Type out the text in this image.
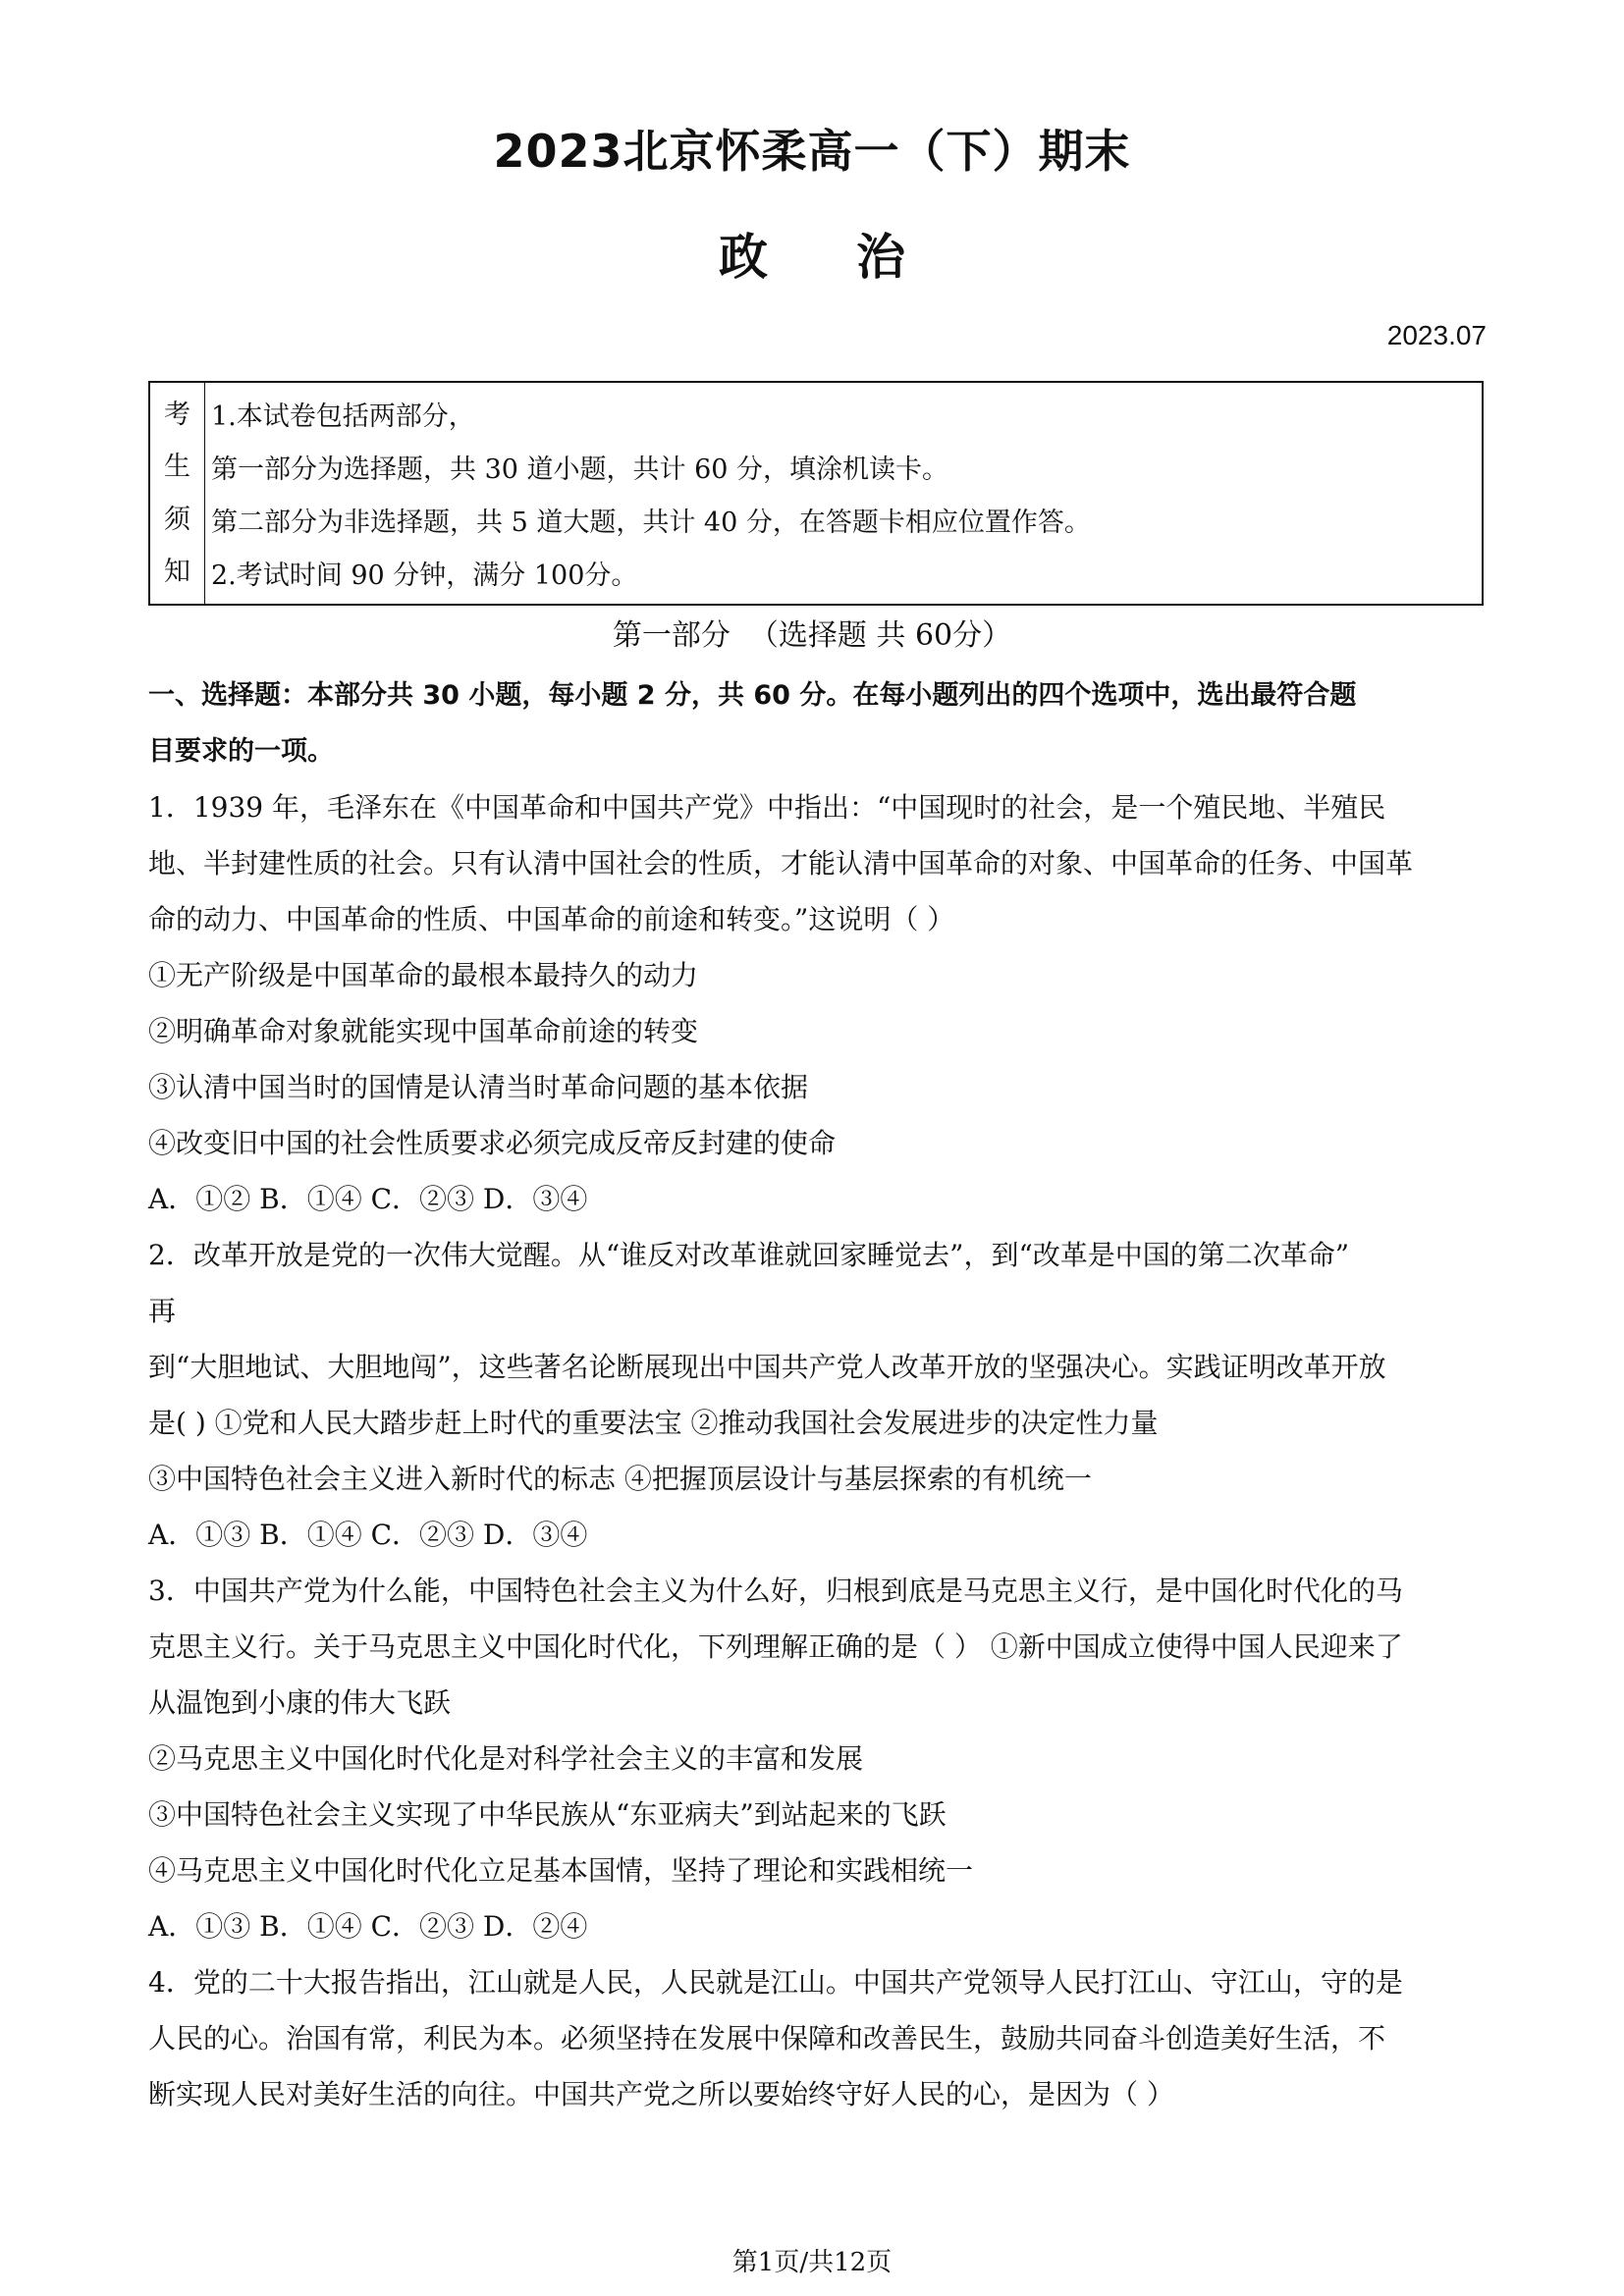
2023北京怀柔高一（下）期末
政治
2023.07
考
生
须
知
1.本试卷包括两部分，
第一部分为选择题，共 30 道小题，共计 60 分，填涂机读卡。
第二部分为非选择题，共 5 道大题，共计 40 分，在答题卡相应位置作答。
2.考试时间 90 分钟，满分 100分。
第一部分  （选择题 共 60分）

一、选择题：本部分共 30 小题，每小题 2 分，共 60 分。在每小题列出的四个选项中，选出最符合题

目要求的一项。

1．1939 年，毛泽东在《中国革命和中国共产党》中指出：“中国现时的社会，是一个殖民地、半殖民

地、半封建性质的社会。只有认清中国社会的性质，才能认清中国革命的对象、中国革命的任务、中国革

命的动力、中国革命的性质、中国革命的前途和转变。”这说明（ ）

①无产阶级是中国革命的最根本最持久的动力

②明确革命对象就能实现中国革命前途的转变

③认清中国当时的国情是认清当时革命问题的基本依据

④改变旧中国的社会性质要求必须完成反帝反封建的使命

A．①② B．①④ C．②③ D．③④

2．改革开放是党的一次伟大觉醒。从“谁反对改革谁就回家睡觉去”，到“改革是中国的第二次革命”

再

到“大胆地试、大胆地闯”，这些著名论断展现出中国共产党人改革开放的坚强决心。实践证明改革开放

是( ) ①党和人民大踏步赶上时代的重要法宝 ②推动我国社会发展进步的决定性力量

③中国特色社会主义进入新时代的标志 ④把握顶层设计与基层探索的有机统一

A．①③ B．①④ C．②③ D．③④

3．中国共产党为什么能，中国特色社会主义为什么好，归根到底是马克思主义行，是中国化时代化的马

克思主义行。关于马克思主义中国化时代化，下列理解正确的是（ ） ①新中国成立使得中国人民迎来了

从温饱到小康的伟大飞跃

②马克思主义中国化时代化是对科学社会主义的丰富和发展

③中国特色社会主义实现了中华民族从“东亚病夫”到站起来的飞跃

④马克思主义中国化时代化立足基本国情，坚持了理论和实践相统一

A．①③ B．①④ C．②③ D．②④

4．党的二十大报告指出，江山就是人民，人民就是江山。中国共产党领导人民打江山、守江山，守的是

人民的心。治国有常，利民为本。必须坚持在发展中保障和改善民生，鼓励共同奋斗创造美好生活，不

断实现人民对美好生活的向往。中国共产党之所以要始终守好人民的心，是因为（ ）

第1页/共12页
